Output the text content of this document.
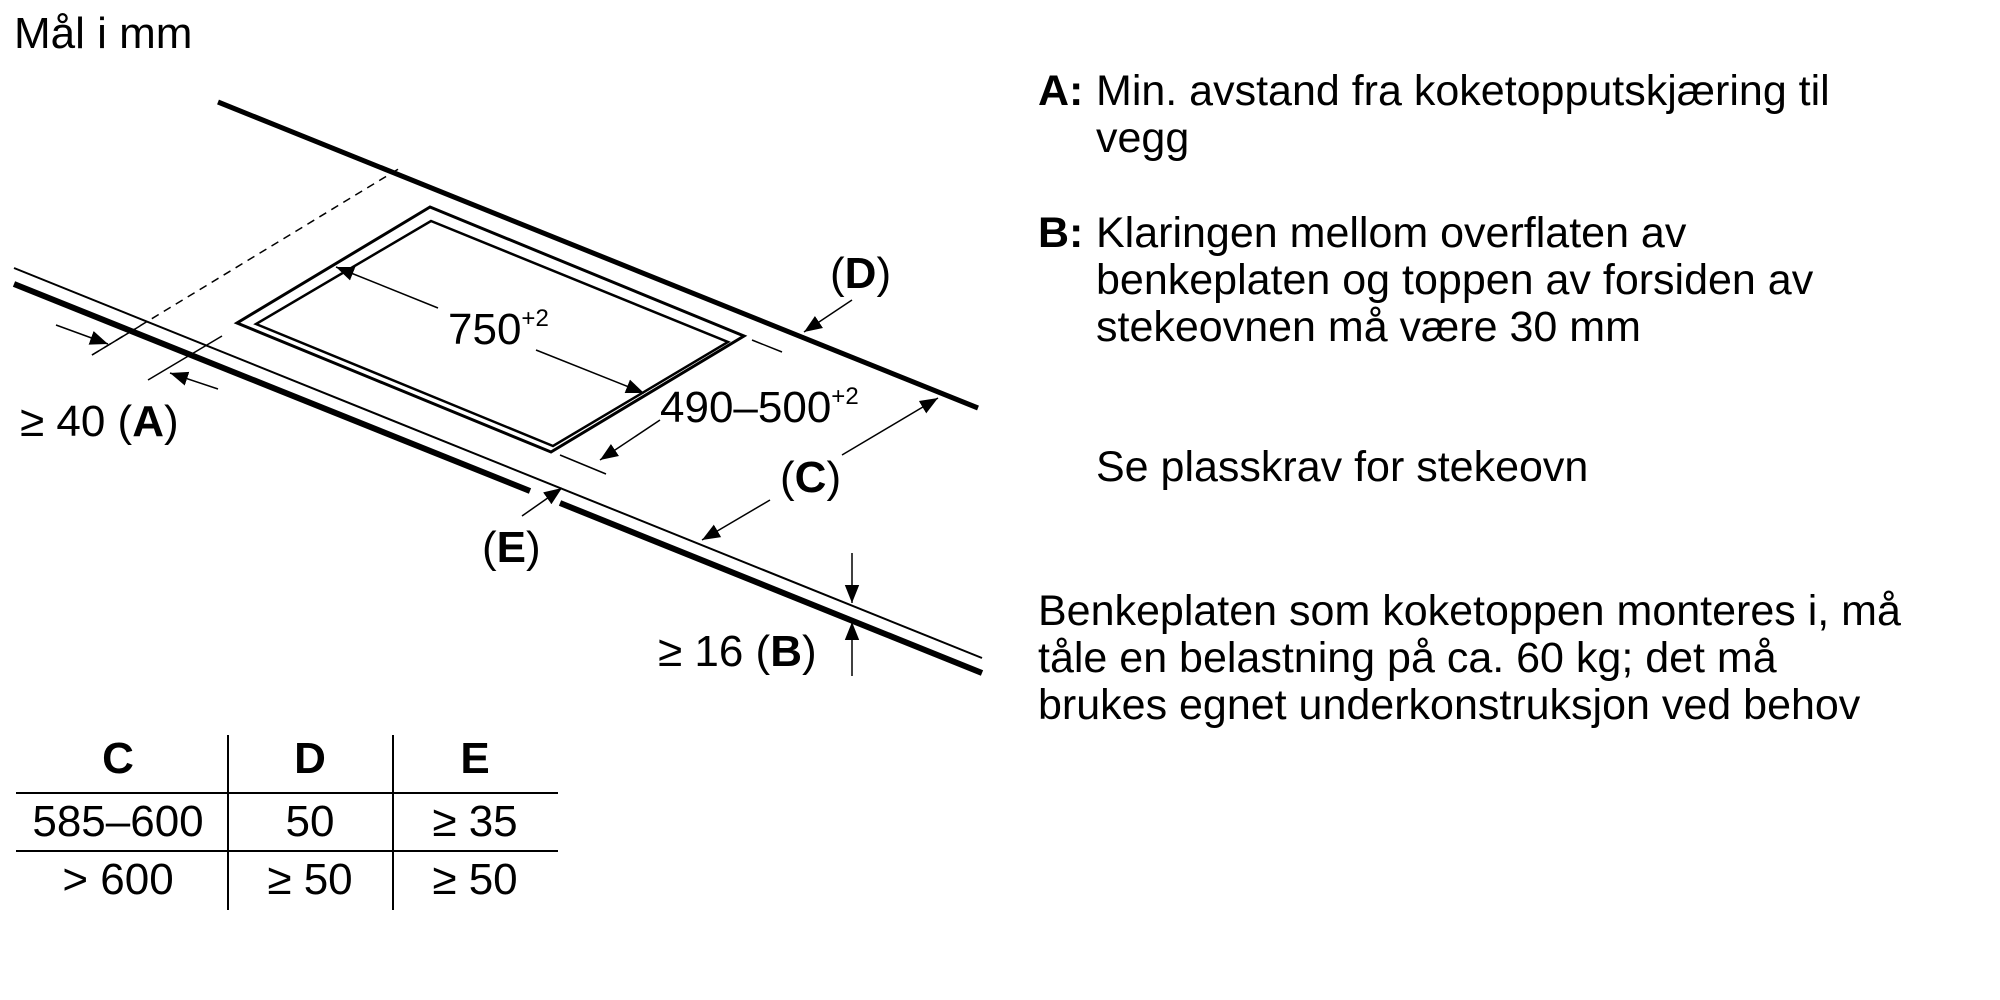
Mål i mm
$750^{+2}$
$490-500^{+2}$
≥ 40 (A)
(D)
(C)
(E)
≥ 16 (B)
C	D	E
585–600 50 ≥ 35
> 600 ≥ 50 ≥ 50
A: Min. avstand fra koketopputskjæring til
vegg
B: Klaringen mellom overflaten av
benkeplaten og toppen av forsiden av
stekeovnen må være 30 mm
Se plasskrav for stekeovn
Benkeplaten som koketoppen monteres i, må
tåle en belastning på ca. 60 kg; det må
brukes egnet underkonstruksjon ved behov
